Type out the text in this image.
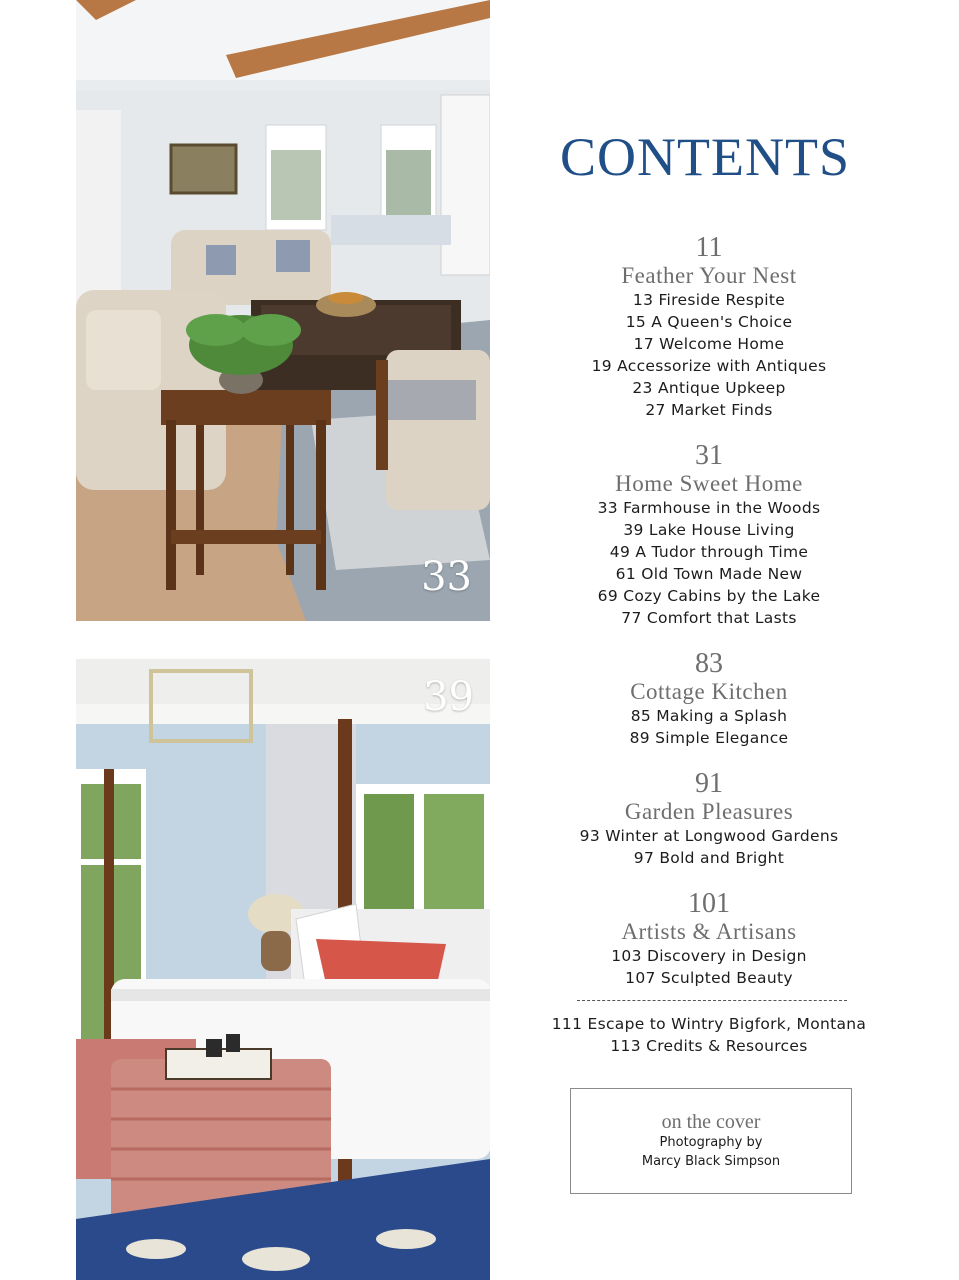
33
39
CONTENTS
11
Feather Your Nest
13 Fireside Respite
15 A Queen's Choice
17 Welcome Home
19 Accessorize with Antiques
23 Antique Upkeep
27 Market Finds
31
Home Sweet Home
33 Farmhouse in the Woods
39 Lake House Living
49 A Tudor through Time
61 Old Town Made New
69 Cozy Cabins by the Lake
77 Comfort that Lasts
83
Cottage Kitchen
85 Making a Splash
89 Simple Elegance
91
Garden Pleasures
93 Winter at Longwood Gardens
97 Bold and Bright
101
Artists & Artisans
103 Discovery in Design
107 Sculpted Beauty
111 Escape to Wintry Bigfork, Montana
113 Credits & Resources
on the cover
Photography by
Marcy Black Simpson
